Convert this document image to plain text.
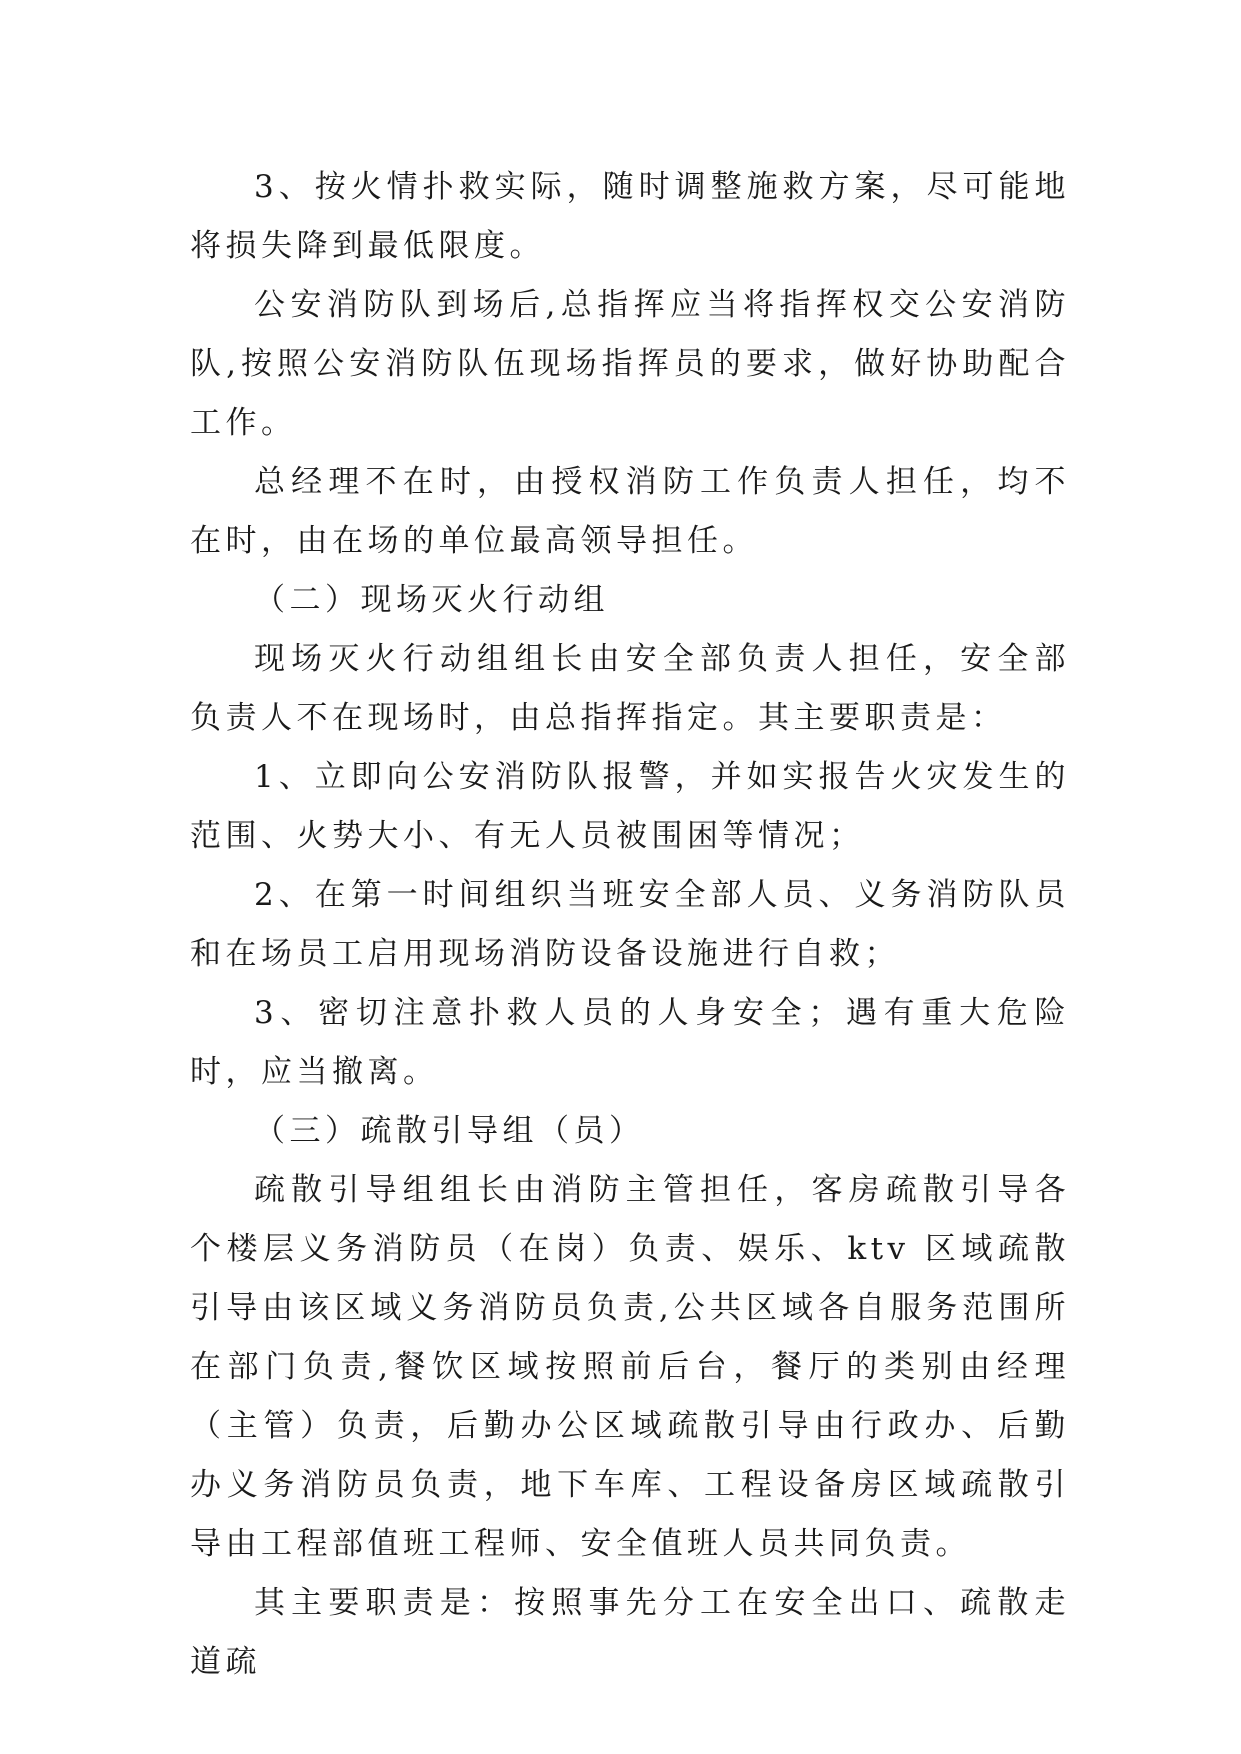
3、按火情扑救实际，随时调整施救方案，尽可能地将损失降到最低限度。

公安消防队到场后,总指挥应当将指挥权交公安消防队,按照公安消防队伍现场指挥员的要求，做好协助配合工作。

总经理不在时，由授权消防工作负责人担任，均不在时，由在场的单位最高领导担任。

（二）现场灭火行动组

现场灭火行动组组长由安全部负责人担任，安全部负责人不在现场时，由总指挥指定。其主要职责是：

1、立即向公安消防队报警，并如实报告火灾发生的范围、火势大小、有无人员被围困等情况；

2、在第一时间组织当班安全部人员、义务消防队员和在场员工启用现场消防设备设施进行自救；

3、密切注意扑救人员的人身安全；遇有重大危险时，应当撤离。

（三）疏散引导组（员）

疏散引导组组长由消防主管担任，客房疏散引导各个楼层义务消防员（在岗）负责、娱乐、ktv 区域疏散引导由该区域义务消防员负责,公共区域各自服务范围所在部门负责,餐饮区域按照前后台，餐厅的类别由经理（主管）负责，后勤办公区域疏散引导由行政办、后勤办义务消防员负责，地下车库、工程设备房区域疏散引导由工程部值班工程师、安全值班人员共同负责。

其主要职责是：按照事先分工在安全出口、疏散走道疏
